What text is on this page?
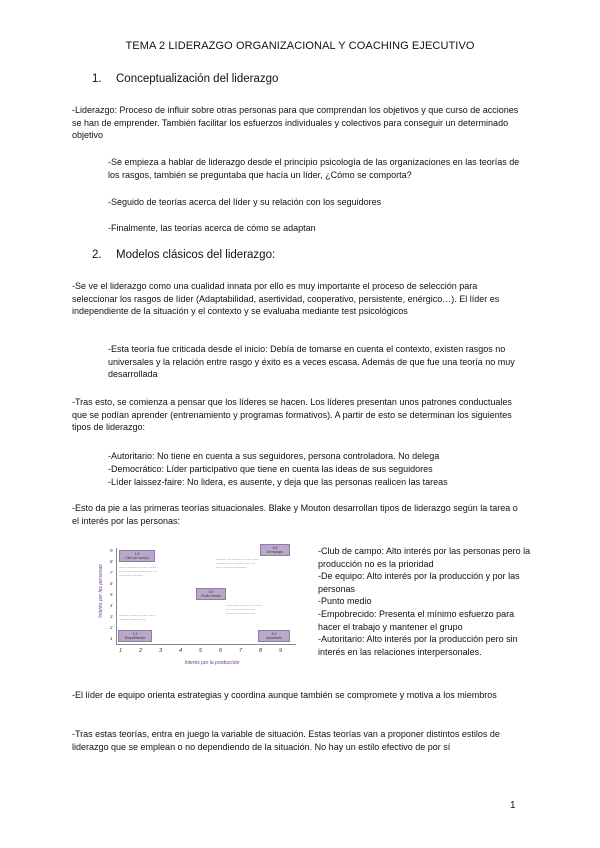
TEMA 2 LIDERAZGO ORGANIZACIONAL Y COACHING EJECUTIVO
1. Conceptualización del liderazgo

-Liderazgo: Proceso de influir sobre otras personas para que comprendan los objetivos y que curso de acciones se han de emprender. También facilitar los esfuerzos individuales y colectivos para conseguir un determinado objetivo

-Se empieza a hablar de liderazgo desde el principio psicología de las organizaciones en las teorías de los rasgos, también se preguntaba que hacía un líder, ¿Cómo se comporta?

-Seguido de teorías acerca del líder y su relación con los seguidores

-Finalmente, las teorías acerca de cómo se adaptan

2. Modelos clásicos del liderazgo:

-Se ve el liderazgo como una cualidad innata por ello es muy importante el proceso de selección para seleccionar los rasgos de líder (Adaptabilidad, asertividad, cooperativo, persistente, enérgico…). El líder es independiente de la situación y el contexto y se evaluaba mediante test psicológicos

-Esta teoría fue criticada desde el inicio: Debía de tomarse en cuenta el contexto, existen rasgos no universales y la relación entre rasgo y éxito es a veces escasa. Además de que fue una teoría no muy desarrollada

-Tras esto, se comienza a pensar que los líderes se hacen. Los líderes presentan unos patrones conductuales que se podían aprender (entrenamiento y programas formativos). A partir de esto se determinan los siguientes tipos de liderazgo:

-Autoritario: No tiene en cuenta a sus seguidores, persona controladora. No delega

-Democrático: Líder participativo que tiene en cuenta las ideas de sus seguidores

-Líder laissez-faire: No lidera, es ausente, y deja que las personas realicen las tareas

-Esto da pie a las primeras teorías situacionales. Blake y Mouton desarrollan tipos de liderazgo según la tarea o el interés por las personas:

Interés por las personas
Interés por la producción
9
8
7
6
5
4
3
2
1
1	2	3	4	5	6	7	8	9
1,9
Club de campo
~~~~ ~~~~~~ ~~~ ~~~~
~~~ ~~~~~~ ~~~~~~ ~~
~~~~~~ ~~~~~
9,9
De equipo
~~~~~ ~~ ~~~~~~ ~~~ ~~~
~~~~~~ ~~ ~~~~~ ~~ ~~
~~~ ~~~~~ ~~~~~~
5,5
Punto medio
~~~ ~~~~ ~~~ ~~ ~~~~
~~ ~~~~~ ~~~~ ~~
~~~~~ ~~~~~~ ~~
~~~~~ ~~~~~ ~~~ ~~~
~~~~~ ~~~~ ~~~
1,1
Empobrecido
9,1
Autoritario
-Club de campo: Alto interés por las personas pero la producción no es la prioridad
-De equipo: Alto interés por la producción y por las personas
-Punto medio
-Empobrecido: Presenta el mínimo esfuerzo para hacer el trabajo y mantener el grupo
-Autoritario: Alto interés por la producción pero sin interés en las relaciones interpersonales.

-El líder de equipo orienta estrategias y coordina aunque también se compromete y motiva a los miembros

-Tras estas teorías, entra en juego la variable de situación. Estas teorías van a proponer distintos estilos de liderazgo que se emplean o no dependiendo de la situación. No hay un estilo efectivo de por sí

1
